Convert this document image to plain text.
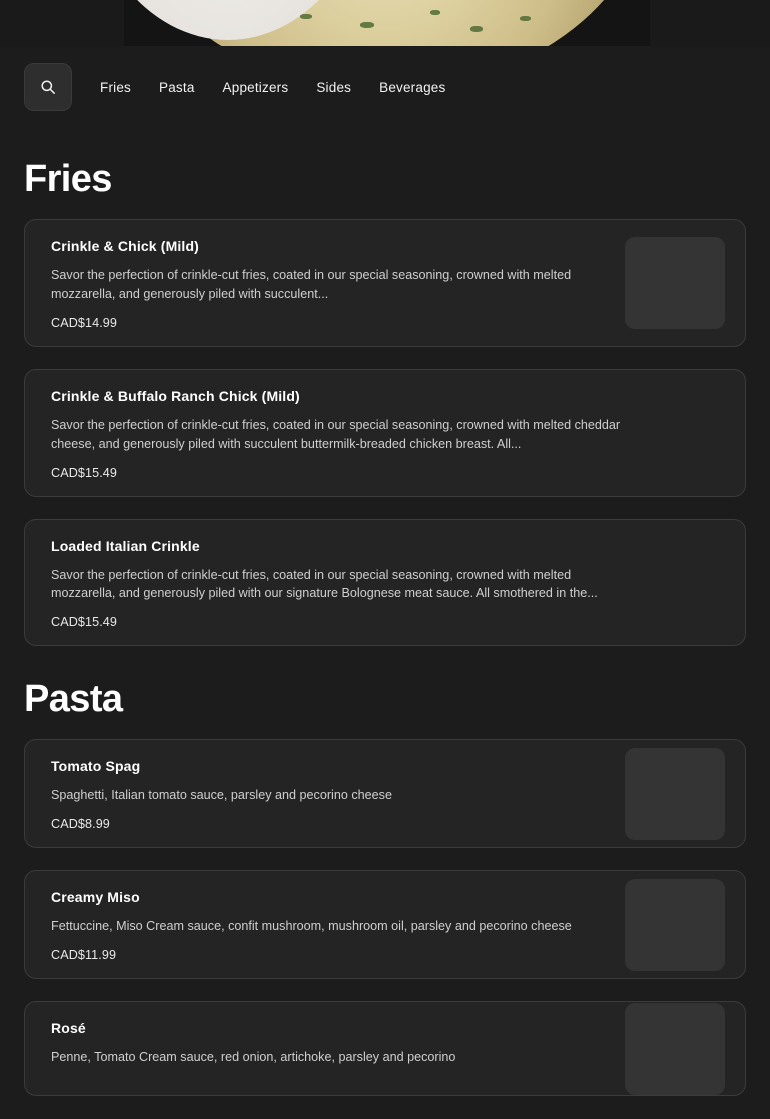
Fries	Pasta	Appetizers	Sides	Beverages
Fries
Crinkle & Chick (Mild)
Savor the perfection of crinkle-cut fries, coated in our special seasoning, crowned with melted mozzarella, and generously piled with succulent...
CAD$14.99
Crinkle & Buffalo Ranch Chick (Mild)
Savor the perfection of crinkle-cut fries, coated in our special seasoning, crowned with melted cheddar cheese, and generously piled with succulent buttermilk-breaded chicken breast. All...
CAD$15.49
Loaded Italian Crinkle
Savor the perfection of crinkle-cut fries, coated in our special seasoning, crowned with melted mozzarella, and generously piled with our signature Bolognese meat sauce. All smothered in the...
CAD$15.49
Pasta
Tomato Spag
Spaghetti, Italian tomato sauce, parsley and pecorino cheese
CAD$8.99
Creamy Miso
Fettuccine, Miso Cream sauce, confit mushroom, mushroom oil, parsley and pecorino cheese
CAD$11.99
Rosé
Penne, Tomato Cream sauce, red onion, artichoke, parsley and pecorino
